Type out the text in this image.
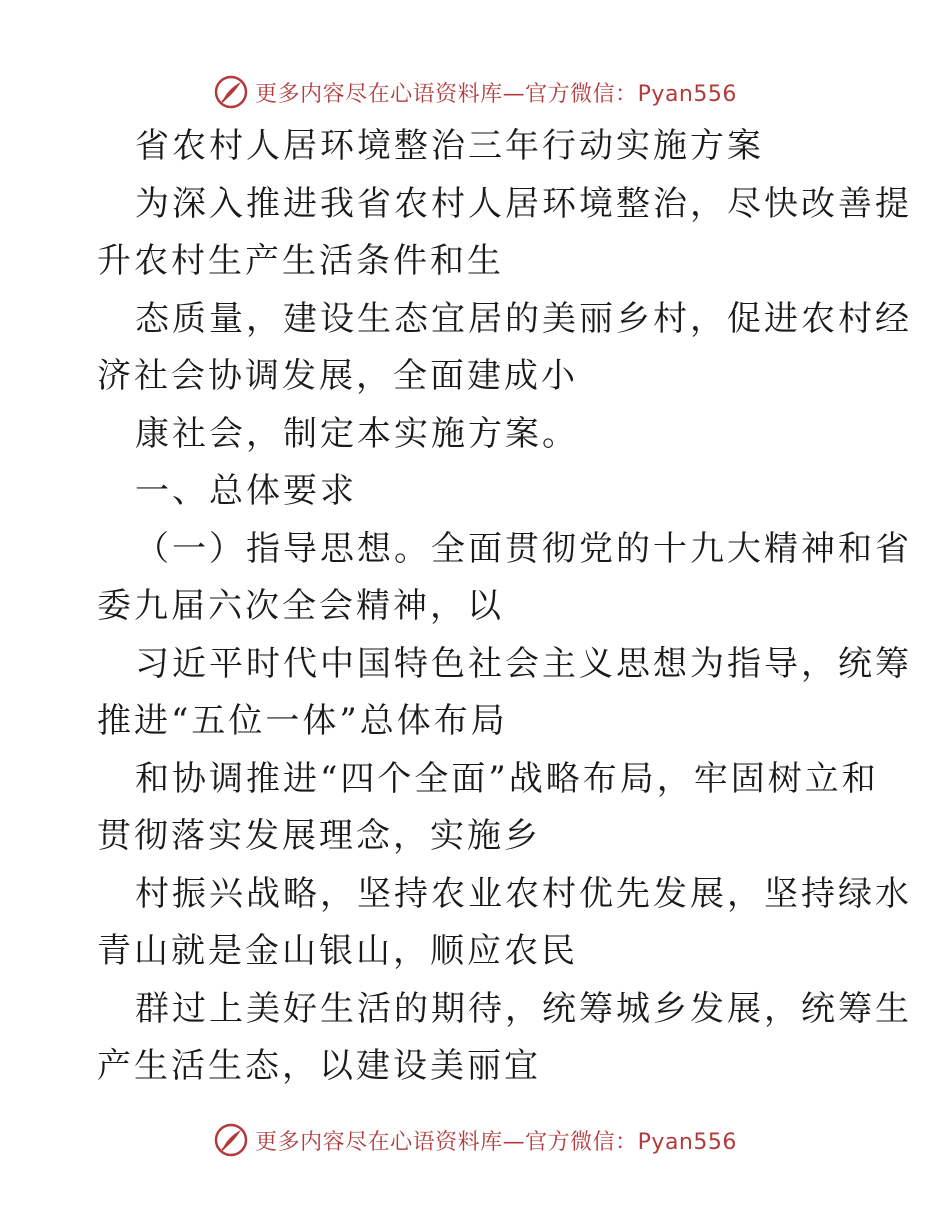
更多内容尽在心语资料库—官方微信：Pyan556
省农村人居环境整治三年行动实施方案
为深入推进我省农村人居环境整治，尽快改善提
升农村生产生活条件和生
态质量，建设生态宜居的美丽乡村，促进农村经
济社会协调发展，全面建成小
康社会，制定本实施方案。
一、总体要求
（一）指导思想。全面贯彻党的十九大精神和省
委九届六次全会精神，以
习近平时代中国特色社会主义思想为指导，统筹
推进“五位一体”总体布局
和协调推进“四个全面”战略布局，牢固树立和
贯彻落实发展理念，实施乡
村振兴战略，坚持农业农村优先发展，坚持绿水
青山就是金山银山，顺应农民
群过上美好生活的期待，统筹城乡发展，统筹生
产生活生态，以建设美丽宜
更多内容尽在心语资料库—官方微信：Pyan556
